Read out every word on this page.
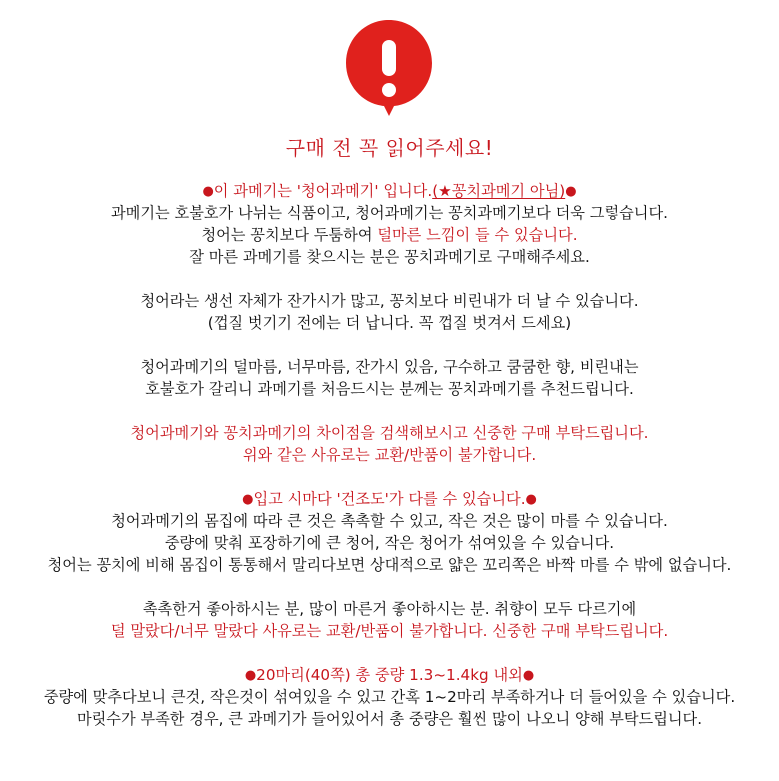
구매 전 꼭 읽어주세요!
●이 과메기는 '청어과메기' 입니다.(★꽁치과메기 아님)●
과메기는 호불호가 나뉘는 식품이고, 청어과메기는 꽁치과메기보다 더욱 그렇습니다.
청어는 꽁치보다 두툼하여 덜마른 느낌이 들 수 있습니다.
잘 마른 과메기를 찾으시는 분은 꽁치과메기로 구매해주세요.
청어라는 생선 자체가 잔가시가 많고, 꽁치보다 비린내가 더 날 수 있습니다.
(껍질 벗기기 전에는 더 납니다. 꼭 껍질 벗겨서 드세요)
청어과메기의 덜마름, 너무마름, 잔가시 있음, 구수하고 쿰쿰한 향, 비린내는
호불호가 갈리니 과메기를 처음드시는 분께는 꽁치과메기를 추천드립니다.
청어과메기와 꽁치과메기의 차이점을 검색해보시고 신중한 구매 부탁드립니다.
위와 같은 사유로는 교환/반품이 불가합니다.
●입고 시마다 '건조도'가 다를 수 있습니다.●
청어과메기의 몸집에 따라 큰 것은 촉촉할 수 있고, 작은 것은 많이 마를 수 있습니다.
중량에 맞춰 포장하기에 큰 청어, 작은 청어가 섞여있을 수 있습니다.
청어는 꽁치에 비해 몸집이 통통해서 말리다보면 상대적으로 얇은 꼬리쪽은 바짝 마를 수 밖에 없습니다.
촉촉한거 좋아하시는 분, 많이 마른거 좋아하시는 분. 취향이 모두 다르기에
덜 말랐다/너무 말랐다 사유로는 교환/반품이 불가합니다. 신중한 구매 부탁드립니다.
●20마리(40쪽) 총 중량 1.3~1.4kg 내외●
중량에 맞추다보니 큰것, 작은것이 섞여있을 수 있고 간혹 1~2마리 부족하거나 더 들어있을 수 있습니다.
마릿수가 부족한 경우, 큰 과메기가 들어있어서 총 중량은 훨씬 많이 나오니 양해 부탁드립니다.
